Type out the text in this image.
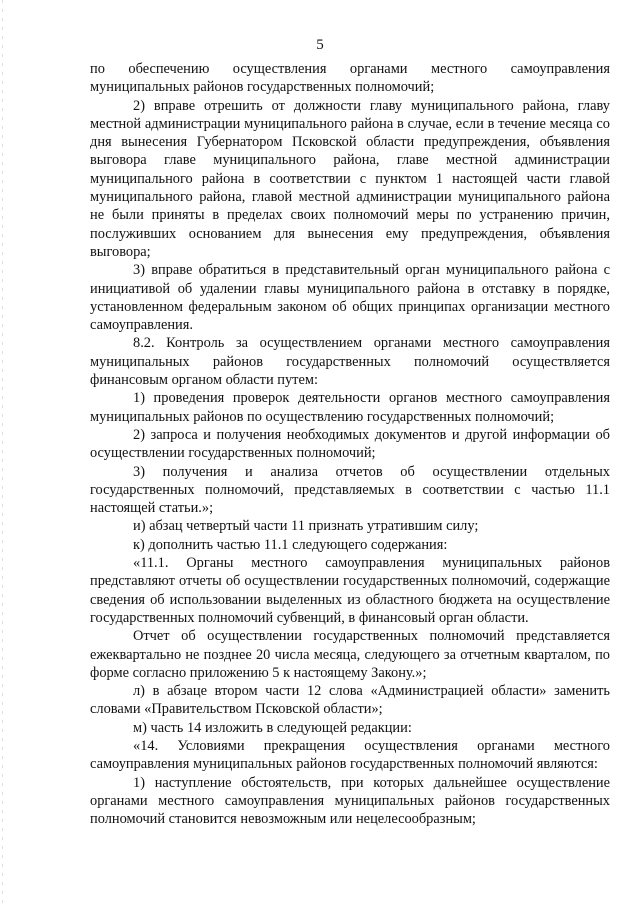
5

по обеспечению осуществления органами местного самоуправления муниципальных районов государственных полномочий;

2) вправе отрешить от должности главу муниципального района, главу местной администрации муниципального района в случае, если в течение месяца со дня вынесения Губернатором Псковской области предупреждения, объявления выговора главе муниципального района, главе местной администрации муниципального района в соответствии с пунктом 1 настоящей части главой муниципального района, главой местной администрации муниципального района не были приняты в пределах своих полномочий меры по устранению причин, послуживших основанием для вынесения ему предупреждения, объявления выговора;

3) вправе обратиться в представительный орган муниципального района с инициативой об удалении главы муниципального района в отставку в порядке, установленном федеральным законом об общих принципах организации местного самоуправления.

8.2. Контроль за осуществлением органами местного самоуправления муниципальных районов государственных полномочий осуществляется финансовым органом области путем:

1) проведения проверок деятельности органов местного самоуправления муниципальных районов по осуществлению государственных полномочий;

2) запроса и получения необходимых документов и другой информации об осуществлении государственных полномочий;

3) получения и анализа отчетов об осуществлении отдельных государственных полномочий, представляемых в соответствии с частью 11.1 настоящей статьи.»;

и) абзац четвертый части 11 признать утратившим силу;

к) дополнить частью 11.1 следующего содержания:

«11.1. Органы местного самоуправления муниципальных районов представляют отчеты об осуществлении государственных полномочий, содержащие сведения об использовании выделенных из областного бюджета на осуществление государственных полномочий субвенций, в финансовый орган области.

Отчет об осуществлении государственных полномочий представляется ежеквартально не позднее 20 числа месяца, следующего за отчетным кварталом, по форме согласно приложению 5 к настоящему Закону.»;

л) в абзаце втором части 12 слова «Администрацией области» заменить словами «Правительством Псковской области»;

м) часть 14 изложить в следующей редакции:

«14. Условиями прекращения осуществления органами местного самоуправления муниципальных районов государственных полномочий являются:

1) наступление обстоятельств, при которых дальнейшее осуществление органами местного самоуправления муниципальных районов государственных полномочий становится невозможным или нецелесообразным;
